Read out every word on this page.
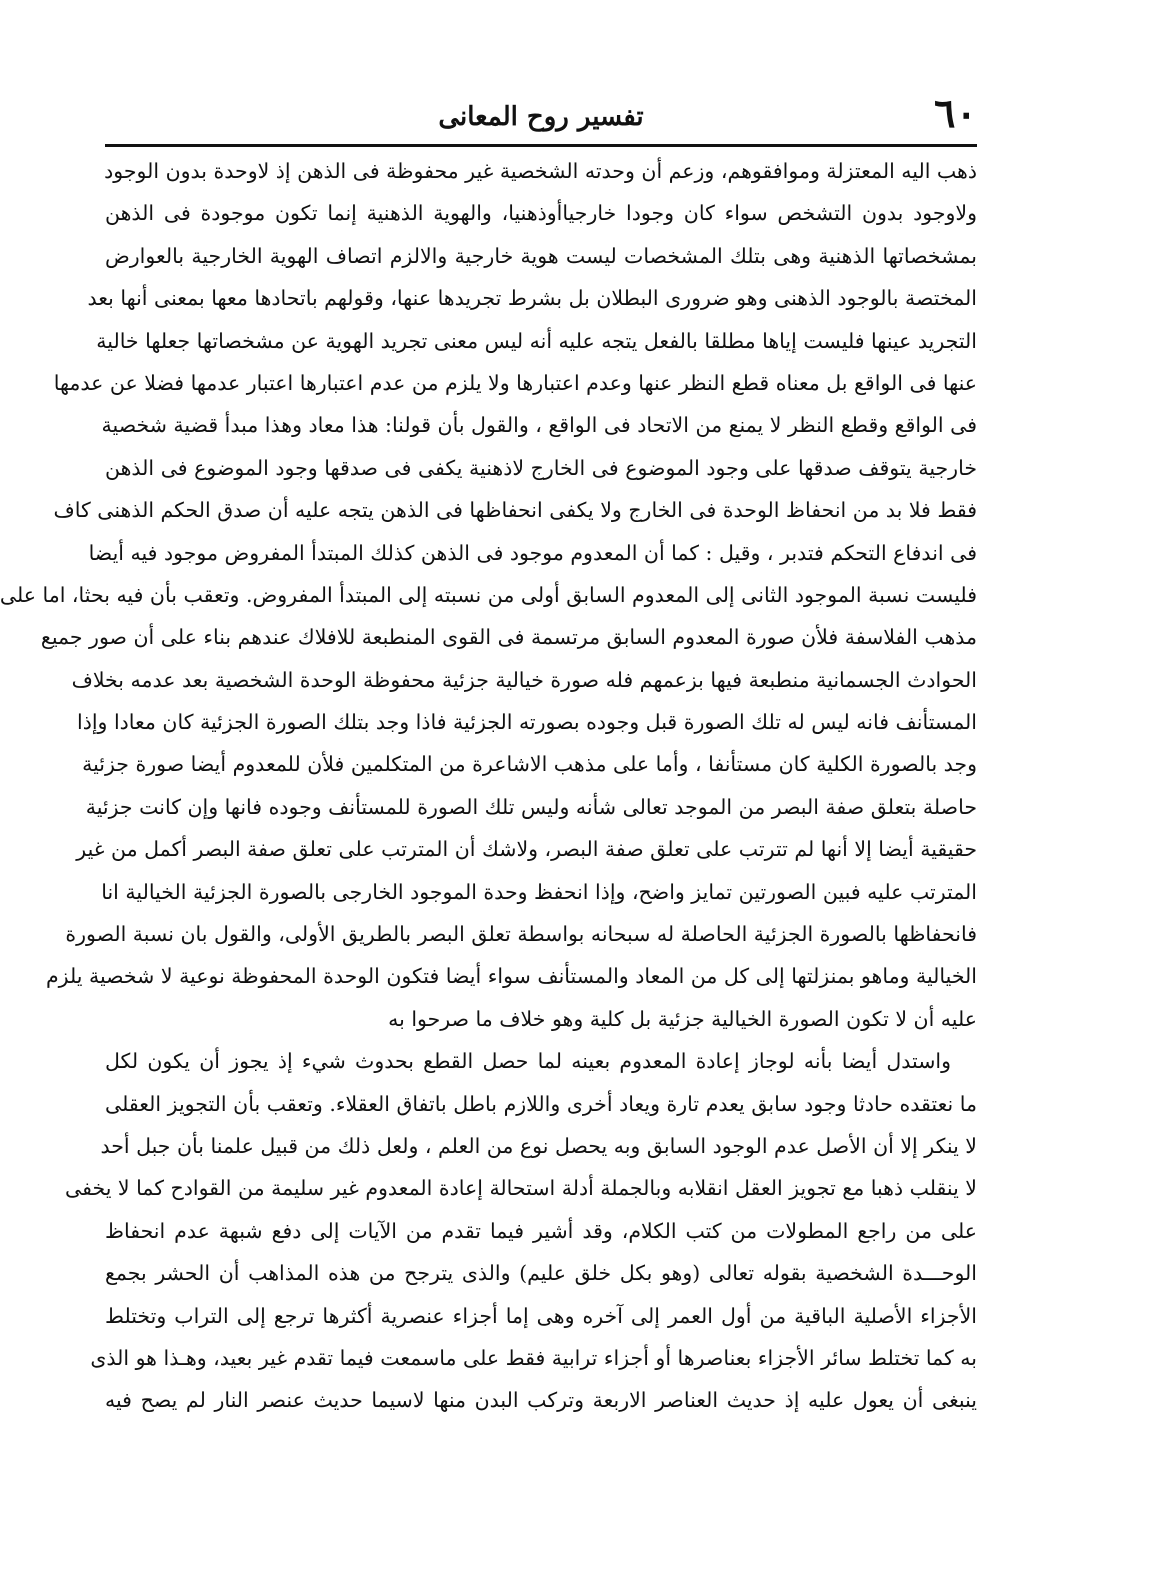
٦٠
تفسير روح المعانى
ذهب اليه المعتزلة وموافقوهم، وزعم أن وحدته الشخصية غير محفوظة فى الذهن إذ لاوحدة بدون الوجود
ولاوجود بدون التشخص سواء كان وجودا خارجياأوذهنيا، والهوية الذهنية إنما تكون موجودة فى الذهن
بمشخصاتها الذهنية وهى بتلك المشخصات ليست هوية خارجية والالزم اتصاف الهوية الخارجية بالعوارض
المختصة بالوجود الذهنى وهو ضرورى البطلان بل بشرط تجريدها عنها، وقولهم باتحادها معها بمعنى أنها بعد
التجريد عينها فليست إياها مطلقا بالفعل يتجه عليه أنه ليس معنى تجريد الهوية عن مشخصاتها جعلها خالية
عنها فى الواقع بل معناه قطع النظر عنها وعدم اعتبارها ولا يلزم من عدم اعتبارها اعتبار عدمها فضلا عن عدمها
فى الواقع وقطع النظر لا يمنع من الاتحاد فى الواقع ، والقول بأن قولنا: هذا معاد وهذا مبدأ قضية شخصية
خارجية يتوقف صدقها على وجود الموضوع فى الخارج لاذهنية يكفى فى صدقها وجود الموضوع فى الذهن
فقط فلا بد من انحفاظ الوحدة فى الخارج ولا يكفى انحفاظها فى الذهن يتجه عليه أن صدق الحكم الذهنى كاف
فى اندفاع التحكم فتدبر ، وقيل : كما أن المعدوم موجود فى الذهن كذلك المبتدأ المفروض موجود فيه أيضا
فليست نسبة الموجود الثانى إلى المعدوم السابق أولى من نسبته إلى المبتدأ المفروض. وتعقب بأن فيه بحثا، اما على
مذهب الفلاسفة فلأن صورة المعدوم السابق مرتسمة فى القوى المنطبعة للافلاك عندهم بناء على أن صور جميع
الحوادث الجسمانية منطبعة فيها بزعمهم فله صورة خيالية جزئية محفوظة الوحدة الشخصية بعد عدمه بخلاف
المستأنف فانه ليس له تلك الصورة قبل وجوده بصورته الجزئية فاذا وجد بتلك الصورة الجزئية كان معادا وإذا
وجد بالصورة الكلية كان مستأنفا ، وأما على مذهب الاشاعرة من المتكلمين فلأن للمعدوم أيضا صورة جزئية
حاصلة بتعلق صفة البصر من الموجد تعالى شأنه وليس تلك الصورة للمستأنف وجوده فانها وإن كانت جزئية
حقيقية أيضا إلا أنها لم تترتب على تعلق صفة البصر، ولاشك أن المترتب على تعلق صفة البصر أكمل من غير
المترتب عليه فبين الصورتين تمايز واضح، وإذا انحفظ وحدة الموجود الخارجى بالصورة الجزئية الخيالية انا
فانحفاظها بالصورة الجزئية الحاصلة له سبحانه بواسطة تعلق البصر بالطريق الأولى، والقول بان نسبة الصورة
الخيالية وماهو بمنزلتها إلى كل من المعاد والمستأنف سواء أيضا فتكون الوحدة المحفوظة نوعية لا شخصية يلزم
عليه أن لا تكون الصورة الخيالية جزئية بل كلية وهو خلاف ما صرحوا به
واستدل أيضا بأنه لوجاز إعادة المعدوم بعينه لما حصل القطع بحدوث شيء إذ يجوز أن يكون لكل
ما نعتقده حادثا وجود سابق يعدم تارة ويعاد أخرى واللازم باطل باتفاق العقلاء. وتعقب بأن التجويز العقلى
لا ينكر إلا أن الأصل عدم الوجود السابق وبه يحصل نوع من العلم ، ولعل ذلك من قبيل علمنا بأن جبل أحد
لا ينقلب ذهبا مع تجويز العقل انقلابه وبالجملة أدلة استحالة إعادة المعدوم غير سليمة من القوادح كما لا يخفى
على من راجع المطولات من كتب الكلام، وقد أشير فيما تقدم من الآيات إلى دفع شبهة عدم انحفاظ
الوحـــدة الشخصية بقوله تعالى (وهو بكل خلق عليم) والذى يترجح من هذه المذاهب أن الحشر بجمع
الأجزاء الأصلية الباقية من أول العمر إلى آخره وهى إما أجزاء عنصرية أكثرها ترجع إلى التراب وتختلط
به كما تختلط سائر الأجزاء بعناصرها أو أجزاء ترابية فقط على ماسمعت فيما تقدم غير بعيد، وهـذا هو الذى
ينبغى أن يعول عليه إذ حديث العناصر الاربعة وتركب البدن منها لاسيما حديث عنصر النار لم يصح فيه
